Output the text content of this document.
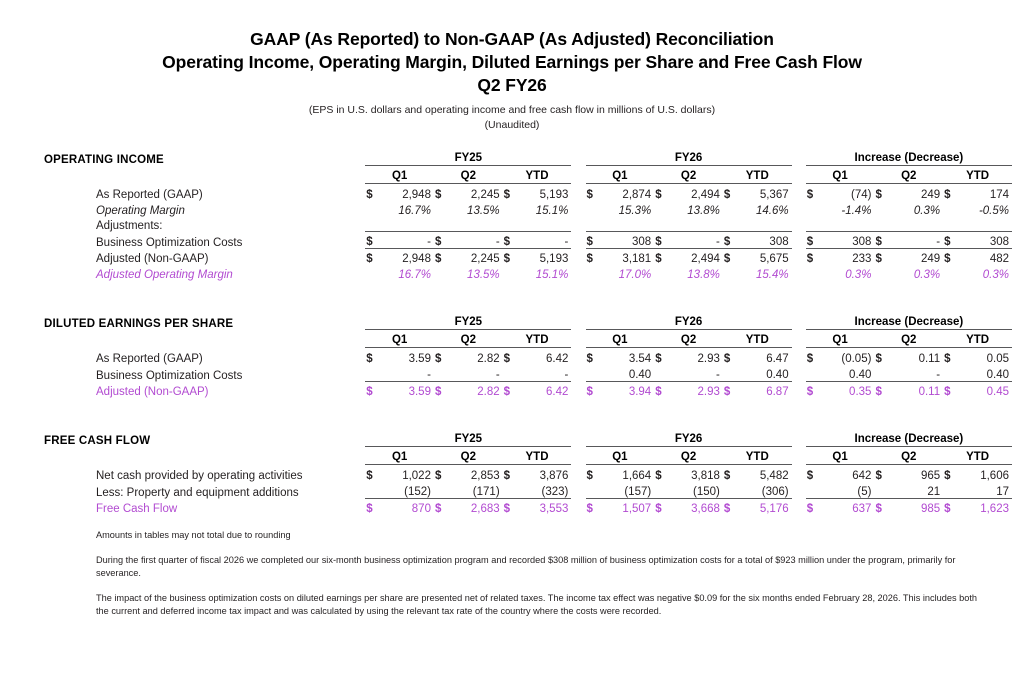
GAAP (As Reported) to Non-GAAP (As Adjusted) Reconciliation
Operating Income, Operating Margin, Diluted Earnings per Share and Free Cash Flow
Q2 FY26
(EPS in U.S. dollars and operating income and free cash flow in millions of U.S. dollars)
(Unaudited)
OPERATING INCOME		FY25							FY26							Increase (Decrease)					
		Q1		Q2		YTD			Q1		Q2		YTD			Q1		Q2		YTD	
As Reported (GAAP)		$	2,948	$	2,245	$	5,193		$	2,874	$	2,494	$	5,367		$	(74)	$	249	$	174
Operating Margin			16.7%		13.5%		15.1%			15.3%		13.8%		14.6%			-1.4%		0.3%		-0.5%
Adjustments:																					
Business Optimization Costs		$	-	$	-	$	-		$	308	$	-	$	308		$	308	$	-	$	308
Adjusted (Non-GAAP)		$	2,948	$	2,245	$	5,193		$	3,181	$	2,494	$	5,675		$	233	$	249	$	482
Adjusted Operating Margin			16.7%		13.5%		15.1%			17.0%		13.8%		15.4%			0.3%		0.3%		0.3%

DILUTED EARNINGS PER SHARE		FY25							FY26							Increase (Decrease)					
		Q1		Q2		YTD			Q1		Q2		YTD			Q1		Q2		YTD	
As Reported (GAAP)		$	3.59	$	2.82	$	6.42		$	3.54	$	2.93	$	6.47		$	(0.05)	$	0.11	$	0.05
Business Optimization Costs			-		-		-			0.40		-		0.40			0.40		-		0.40
Adjusted (Non-GAAP)		$	3.59	$	2.82	$	6.42		$	3.94	$	2.93	$	6.87		$	0.35	$	0.11	$	0.45

FREE CASH FLOW		FY25							FY26							Increase (Decrease)					
		Q1		Q2		YTD			Q1		Q2		YTD			Q1		Q2		YTD	
Net cash provided by operating activities		$	1,022	$	2,853	$	3,876		$	1,664	$	3,818	$	5,482		$	642	$	965	$	1,606
Less: Property and equipment additions			(152)		(171)		(323)			(157)		(150)		(306)			(5)		21		17
Free Cash Flow		$	870	$	2,683	$	3,553		$	1,507	$	3,668	$	5,176		$	637	$	985	$	1,623
Amounts in tables may not total due to rounding
During the first quarter of fiscal 2026 we completed our six-month business optimization program and recorded $308 million of business optimization costs for a total of $923 million under the program, primarily for severance.
The impact of the business optimization costs on diluted earnings per share are presented net of related taxes. The income tax effect was negative $0.09 for the six months ended February 28, 2026. This includes both the current and deferred income tax impact and was calculated by using the relevant tax rate of the country where the costs were recorded.
